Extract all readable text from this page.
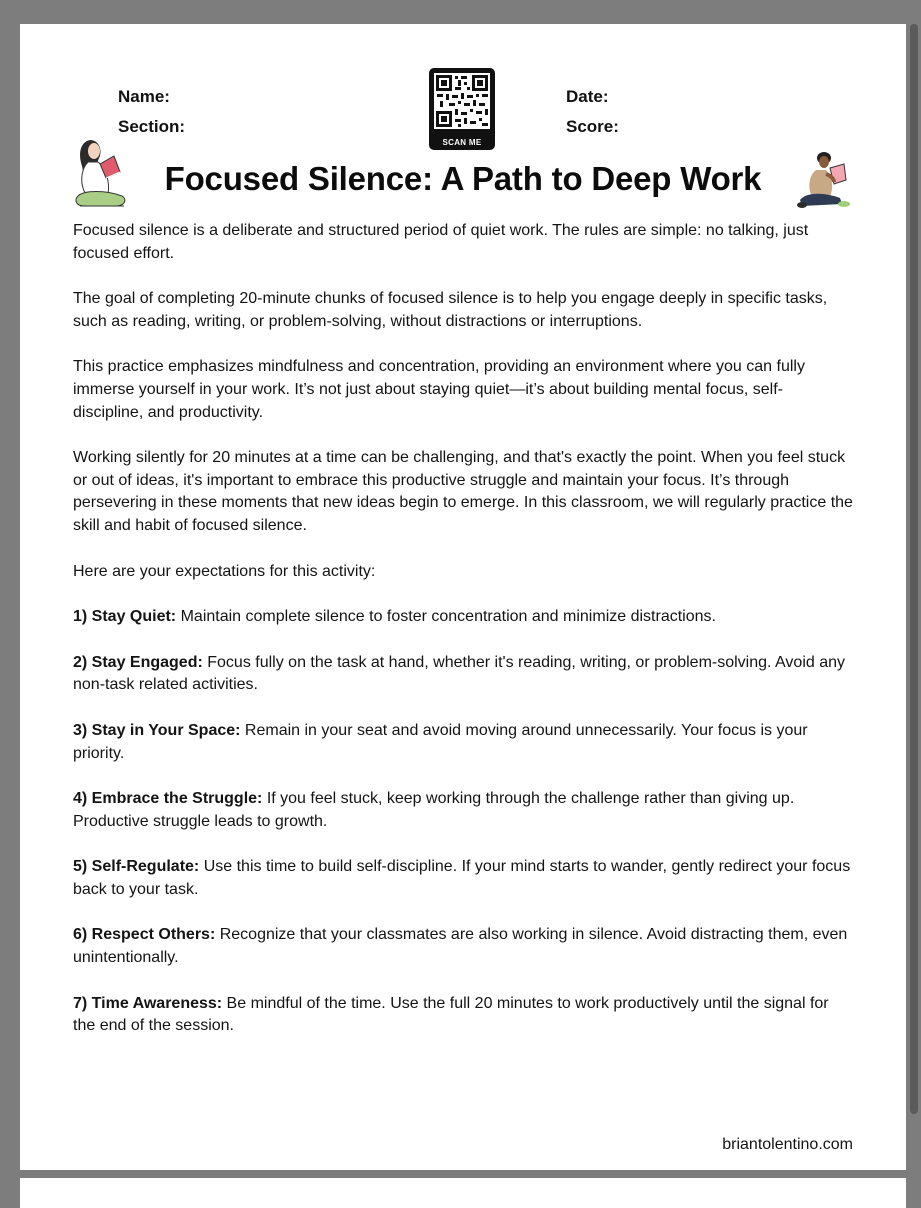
Name:

Section:

Date:

Score:

SCAN ME
Focused Silence: A Path to Deep Work

Focused silence is a deliberate and structured period of quiet work. The rules are simple: no talking, just focused effort.

The goal of completing 20-minute chunks of focused silence is to help you engage deeply in specific tasks, such as reading, writing, or problem-solving, without distractions or interruptions.

This practice emphasizes mindfulness and concentration, providing an environment where you can fully immerse yourself in your work. It’s not just about staying quiet—it’s about building mental focus, self-discipline, and productivity.

Working silently for 20 minutes at a time can be challenging, and that's exactly the point. When you feel stuck or out of ideas, it's important to embrace this productive struggle and maintain your focus. It’s through persevering in these moments that new ideas begin to emerge. In this classroom, we will regularly practice the skill and habit of focused silence.

Here are your expectations for this activity:

1) Stay Quiet: Maintain complete silence to foster concentration and minimize distractions.

2) Stay Engaged: Focus fully on the task at hand, whether it's reading, writing, or problem-solving. Avoid any non-task related activities.

3) Stay in Your Space: Remain in your seat and avoid moving around unnecessarily. Your focus is your priority.

4) Embrace the Struggle: If you feel stuck, keep working through the challenge rather than giving up. Productive struggle leads to growth.

5) Self-Regulate: Use this time to build self-discipline. If your mind starts to wander, gently redirect your focus back to your task.

6) Respect Others: Recognize that your classmates are also working in silence. Avoid distracting them, even unintentionally.

7) Time Awareness: Be mindful of the time. Use the full 20 minutes to work productively until the signal for the end of the session.

briantolentino.com
